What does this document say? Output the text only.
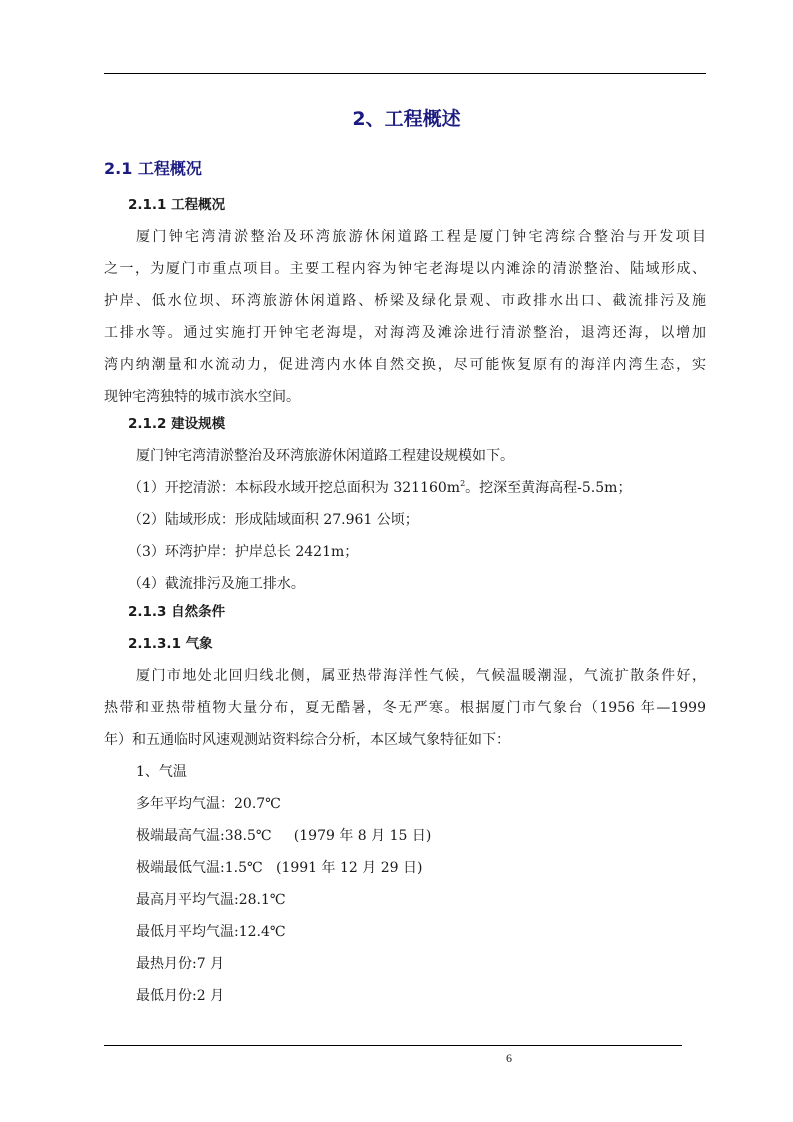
2、工程概述
2.1 工程概况
2.1.1 工程概况
厦门钟宅湾清淤整治及环湾旅游休闲道路工程是厦门钟宅湾综合整治与开发项目
之一，为厦门市重点项目。主要工程内容为钟宅老海堤以内滩涂的清淤整治、陆域形成、
护岸、低水位坝、环湾旅游休闲道路、桥梁及绿化景观、市政排水出口、截流排污及施
工排水等。通过实施打开钟宅老海堤，对海湾及滩涂进行清淤整治，退湾还海，以增加
湾内纳潮量和水流动力，促进湾内水体自然交换，尽可能恢复原有的海洋内湾生态，实
现钟宅湾独特的城市滨水空间。
2.1.2 建设规模
厦门钟宅湾清淤整治及环湾旅游休闲道路工程建设规模如下。
（1）开挖清淤：本标段水域开挖总面积为 $321160m^2$。挖深至黄海高程-5.5m；
（2）陆域形成：形成陆域面积 27.961 公顷；
（3）环湾护岸：护岸总长 2421m；
（4）截流排污及施工排水。
2.1.3 自然条件
2.1.3.1 气象
厦门市地处北回归线北侧，属亚热带海洋性气候，气候温暖潮湿，气流扩散条件好，
热带和亚热带植物大量分布，夏无酷暑，冬无严寒。根据厦门市气象台（1956 年—1999
年）和五通临时风速观测站资料综合分析，本区域气象特征如下：
1、气温
多年平均气温：20.7℃
极端最高气温:38.5℃     (1979 年 8 月 15 日)
极端最低气温:1.5℃   (1991 年 12 月 29 日)
最高月平均气温:28.1℃
最低月平均气温:12.4℃
最热月份:7 月
最低月份:2 月
6
